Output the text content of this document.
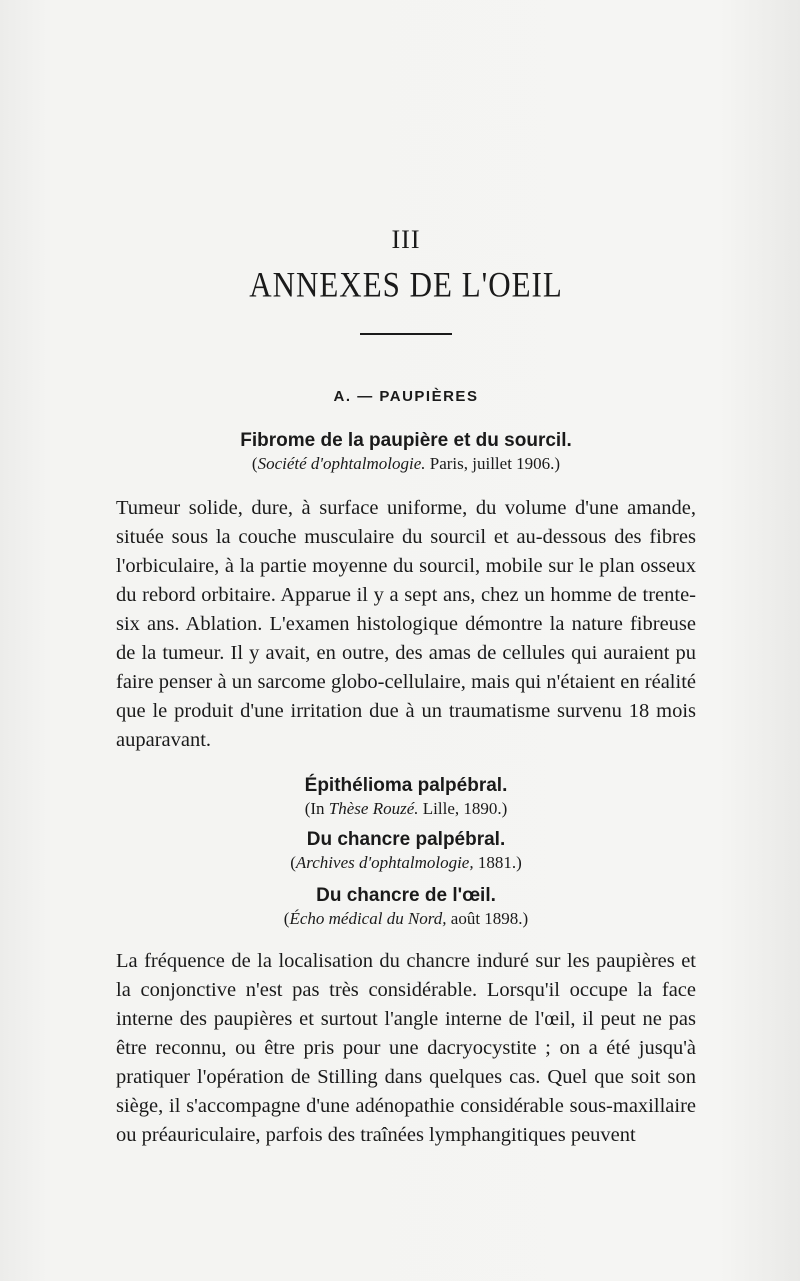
III

ANNEXES DE L'OEIL

A. — PAUPIÈRES

Fibrome de la paupière et du sourcil.

(Société d'ophtalmologie. Paris, juillet 1906.)

Tumeur solide, dure, à surface uniforme, du volume d'une amande, située sous la couche musculaire du sourcil et au-dessous des fibres l'orbiculaire, à la partie moyenne du sourcil, mobile sur le plan osseux du rebord orbitaire. Apparue il y a sept ans, chez un homme de trente-six ans. Ablation. L'examen histologique démontre la nature fibreuse de la tumeur. Il y avait, en outre, des amas de cellules qui auraient pu faire penser à un sarcome globo-cellulaire, mais qui n'étaient en réalité que le produit d'une irritation due à un traumatisme survenu 18 mois auparavant.

Épithélioma palpébral.

(In Thèse Rouzé. Lille, 1890.)

Du chancre palpébral.

(Archives d'ophtalmologie, 1881.)

Du chancre de l'œil.

(Écho médical du Nord, août 1898.)

La fréquence de la localisation du chancre induré sur les paupières et la conjonctive n'est pas très considérable. Lorsqu'il occupe la face interne des paupières et surtout l'angle interne de l'œil, il peut ne pas être reconnu, ou être pris pour une dacryocystite ; on a été jusqu'à pratiquer l'opération de Stilling dans quelques cas. Quel que soit son siège, il s'accompagne d'une adénopathie considérable sous-maxillaire ou préauriculaire, parfois des traînées lymphangitiques peuvent
